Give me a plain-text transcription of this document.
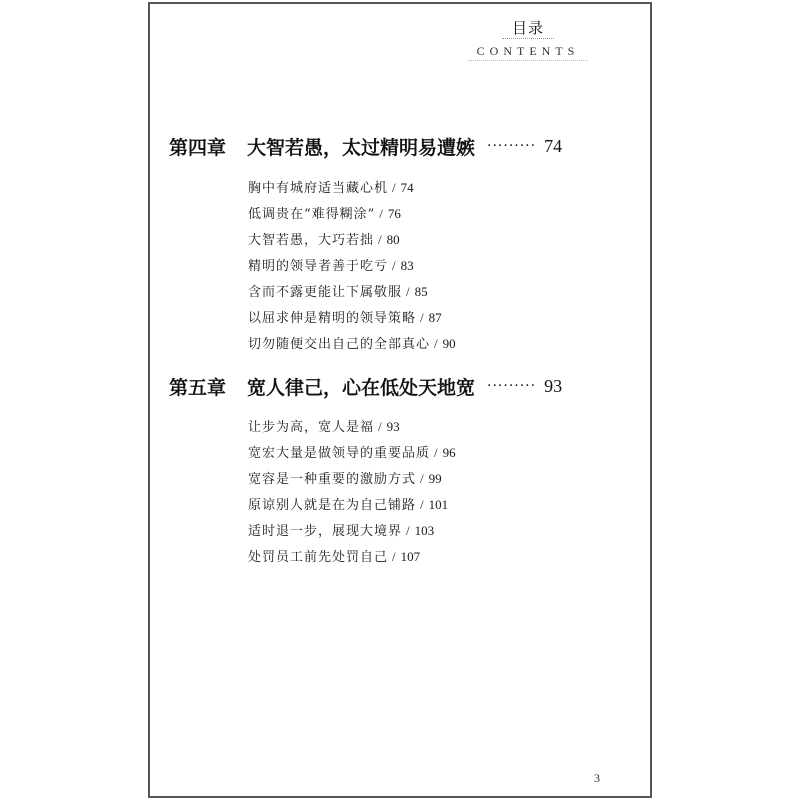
目录
CONTENTS
第四章	大智若愚，太过精明易遭嫉 ········· 74
胸中有城府适当藏心机 / 74
低调贵在“难得糊涂” / 76
大智若愚，大巧若拙 / 80
精明的领导者善于吃亏 / 83
含而不露更能让下属敬服 / 85
以屈求伸是精明的领导策略 / 87
切勿随便交出自己的全部真心 / 90
第五章	宽人律己，心在低处天地宽 ········· 93
让步为高，宽人是福 / 93
宽宏大量是做领导的重要品质 / 96
宽容是一种重要的激励方式 / 99
原谅别人就是在为自己铺路 / 101
适时退一步，展现大境界 / 103
处罚员工前先处罚自己 / 107
3
